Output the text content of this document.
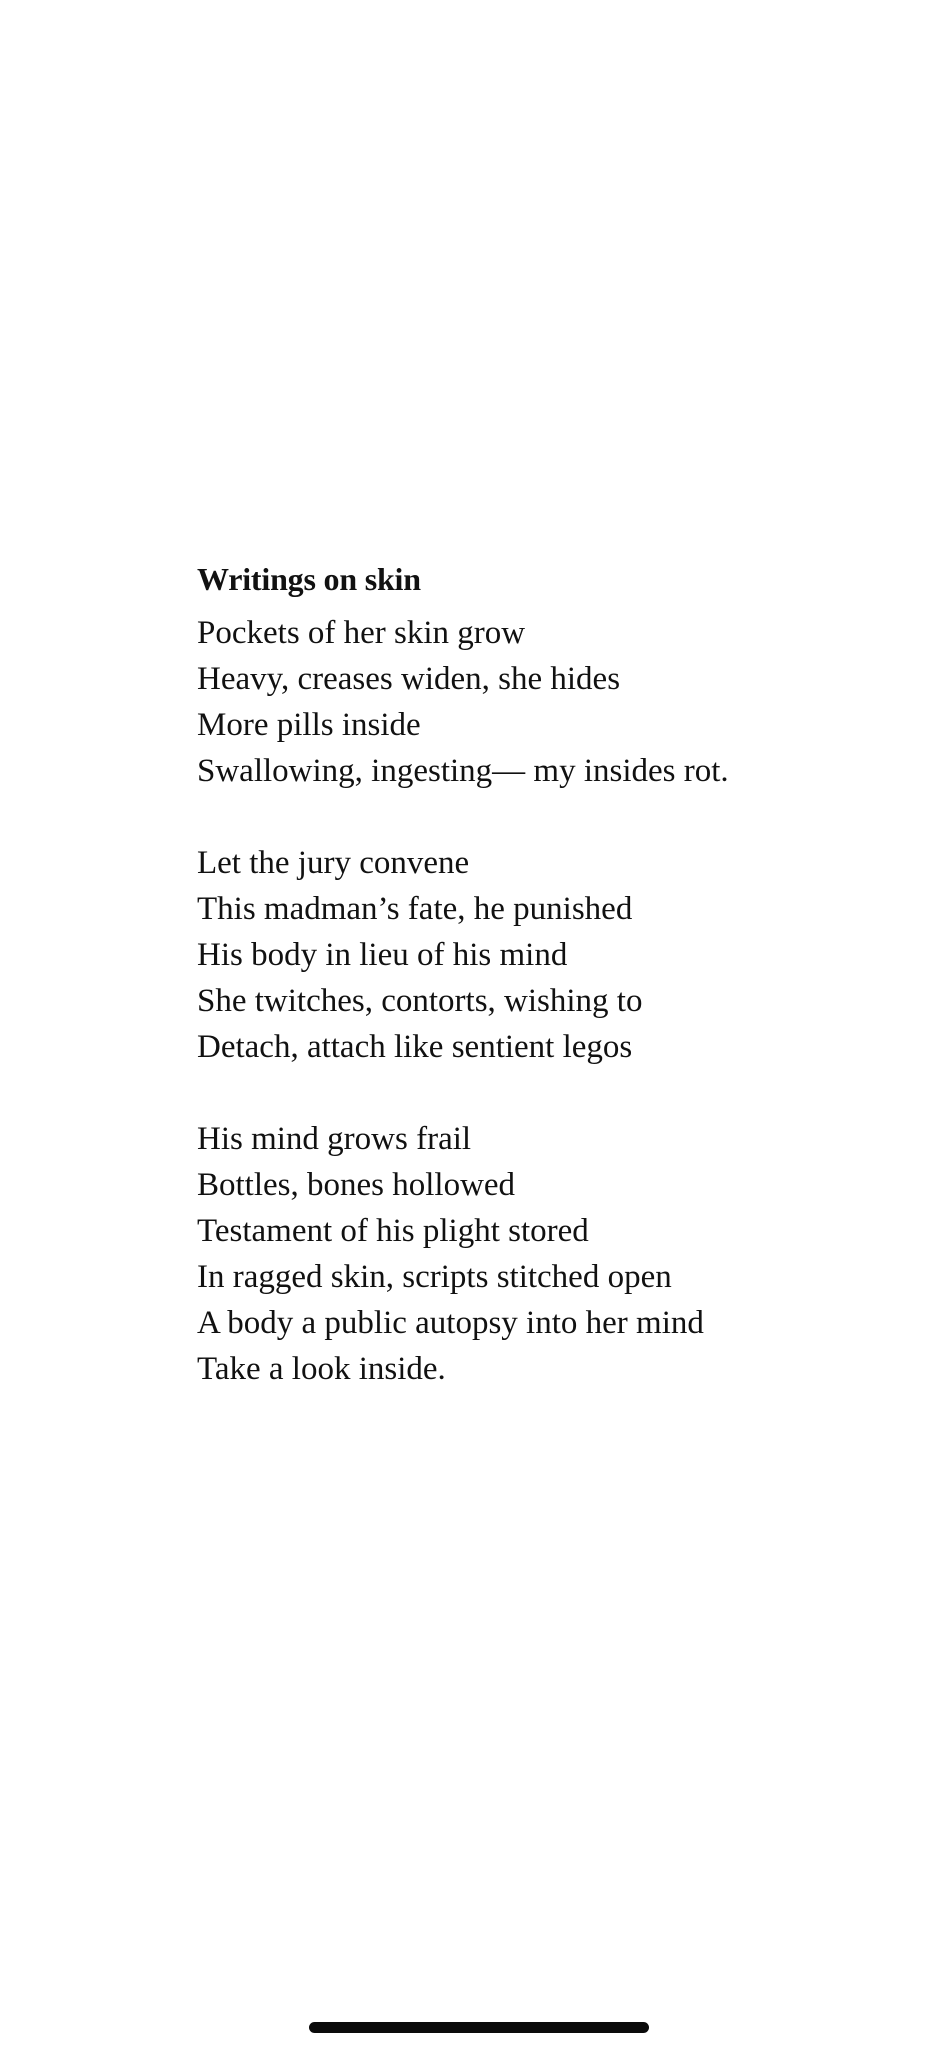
Writings on skin
Pockets of her skin grow
Heavy, creases widen, she hides
More pills inside
Swallowing, ingesting— my insides rot.
Let the jury convene
This madman’s fate, he punished
His body in lieu of his mind
She twitches, contorts, wishing to
Detach, attach like sentient legos
His mind grows frail
Bottles, bones hollowed
Testament of his plight stored
In ragged skin, scripts stitched open
A body a public autopsy into her mind
Take a look inside.
